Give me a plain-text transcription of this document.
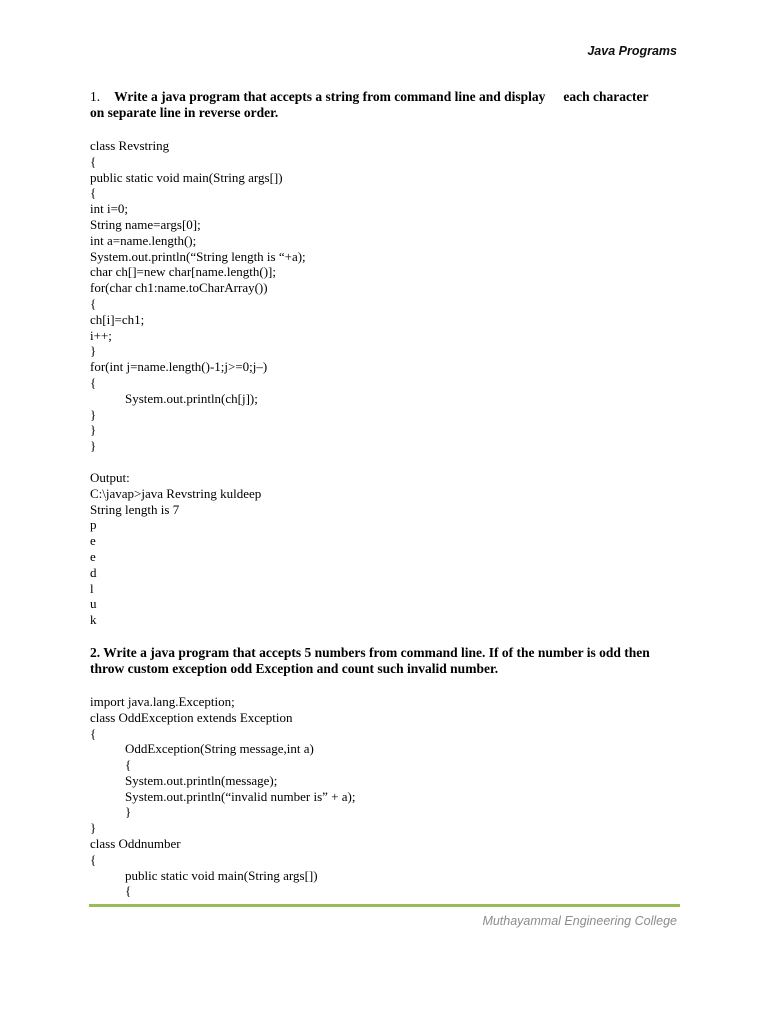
Java Programs

1. Write a java program that accepts a string from command line and display each character
on separate line in reverse order.

class Revstring
{
public static void main(String args[])
{
int i=0;
String name=args[0];
int a=name.length();
System.out.println(“String length is “+a);
char ch[]=new char[name.length()];
for(char ch1:name.toCharArray())
{
ch[i]=ch1;
i++;
}
for(int j=name.length()-1;j>=0;j–)
{
System.out.println(ch[j]);
}
}
}
Output:
C:\javap>java Revstring kuldeep
String length is 7
p
e
e
d
l
u
k

2. Write a java program that accepts 5 numbers from command line. If of the number is odd then
throw custom exception odd Exception and count such invalid number.

import java.lang.Exception;
class OddException extends Exception
{
OddException(String message,int a)
{
System.out.println(message);
System.out.println(“invalid number is” + a);
}
}
class Oddnumber
{
public static void main(String args[])
{
Muthayammal Engineering College
